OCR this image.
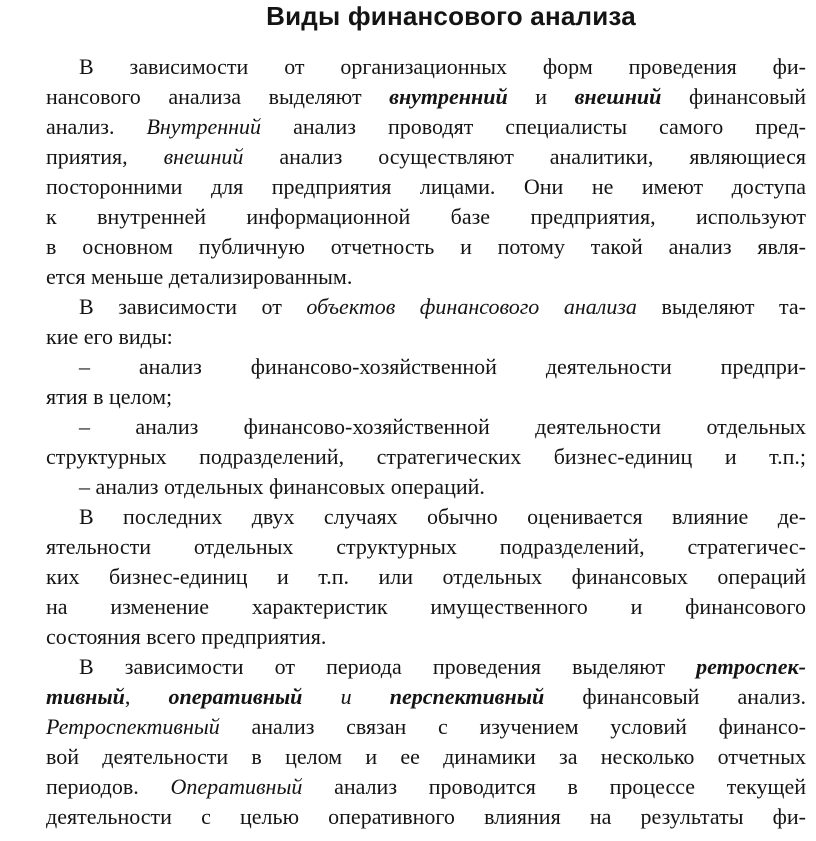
Виды финансового анализа
В зависимости от организационных форм проведения фи-
нансового анализа выделяют внутренний и внешний финансовый
анализ. Внутренний анализ проводят специалисты самого пред-
приятия, внешний анализ осуществляют аналитики, являющиеся
посторонними для предприятия лицами. Они не имеют доступа
к внутренней информационной базе предприятия, используют
в основном публичную отчетность и потому такой анализ явля-
ется меньше детализированным.
В зависимости от объектов финансового анализа выделяют та-
кие его виды:
– анализ финансово-хозяйственной деятельности предпри-
ятия в целом;
– анализ финансово-хозяйственной деятельности отдельных
структурных подразделений, стратегических бизнес-единиц и т.п.;
– анализ отдельных финансовых операций.
В последних двух случаях обычно оценивается влияние де-
ятельности отдельных структурных подразделений, стратегичес-
ких бизнес-единиц и т.п. или отдельных финансовых операций
на изменение характеристик имущественного и финансового
состояния всего предприятия.
В зависимости от периода проведения выделяют ретроспек-
тивный, оперативный и перспективный финансовый анализ.
Ретроспективный анализ связан с изучением условий финансо-
вой деятельности в целом и ее динамики за несколько отчетных
периодов. Оперативный анализ проводится в процессе текущей
деятельности с целью оперативного влияния на результаты фи-
